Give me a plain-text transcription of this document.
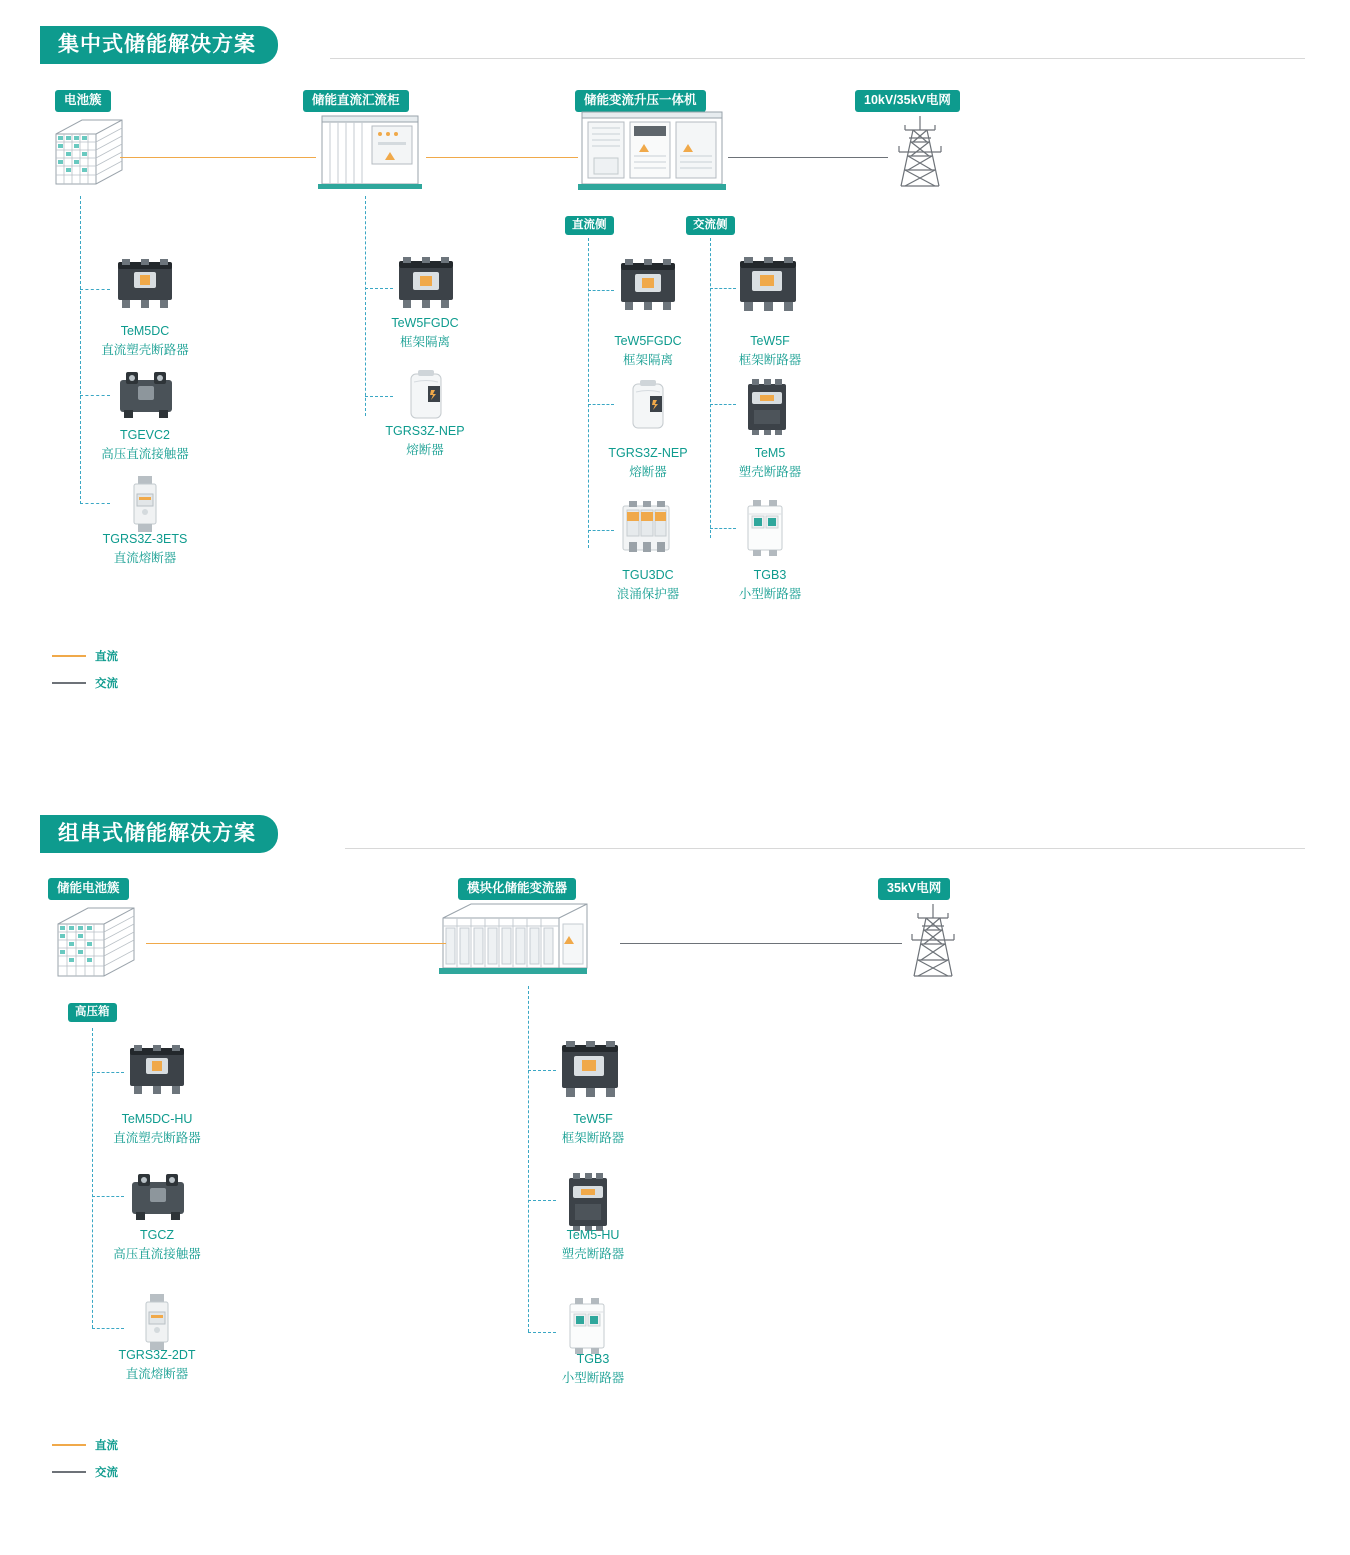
集中式储能解决方案
电池簇	储能直流汇流柜	储能变流升压一体机	10kV/35kV电网
直流侧	交流侧
TeM5DC
直流塑壳断路器
TGEVC2
高压直流接触器
TGRS3Z-3ETS
直流熔断器
TeW5FGDC
框架隔离
TGRS3Z-NEP
熔断器
TeW5FGDC
框架隔离
TGRS3Z-NEP
熔断器
TGU3DC
浪涌保护器
TeW5F
框架断路器
TeM5
塑壳断路器
TGB3
小型断路器
直流
交流
组串式储能解决方案
储能电池簇	模块化储能变流器	35kV电网
高压箱
TeM5DC-HU
直流塑壳断路器
TGCZ
高压直流接触器
TGRS3Z-2DT
直流熔断器
TeW5F
框架断路器
TeM5-HU
塑壳断路器
TGB3
小型断路器
直流
交流
